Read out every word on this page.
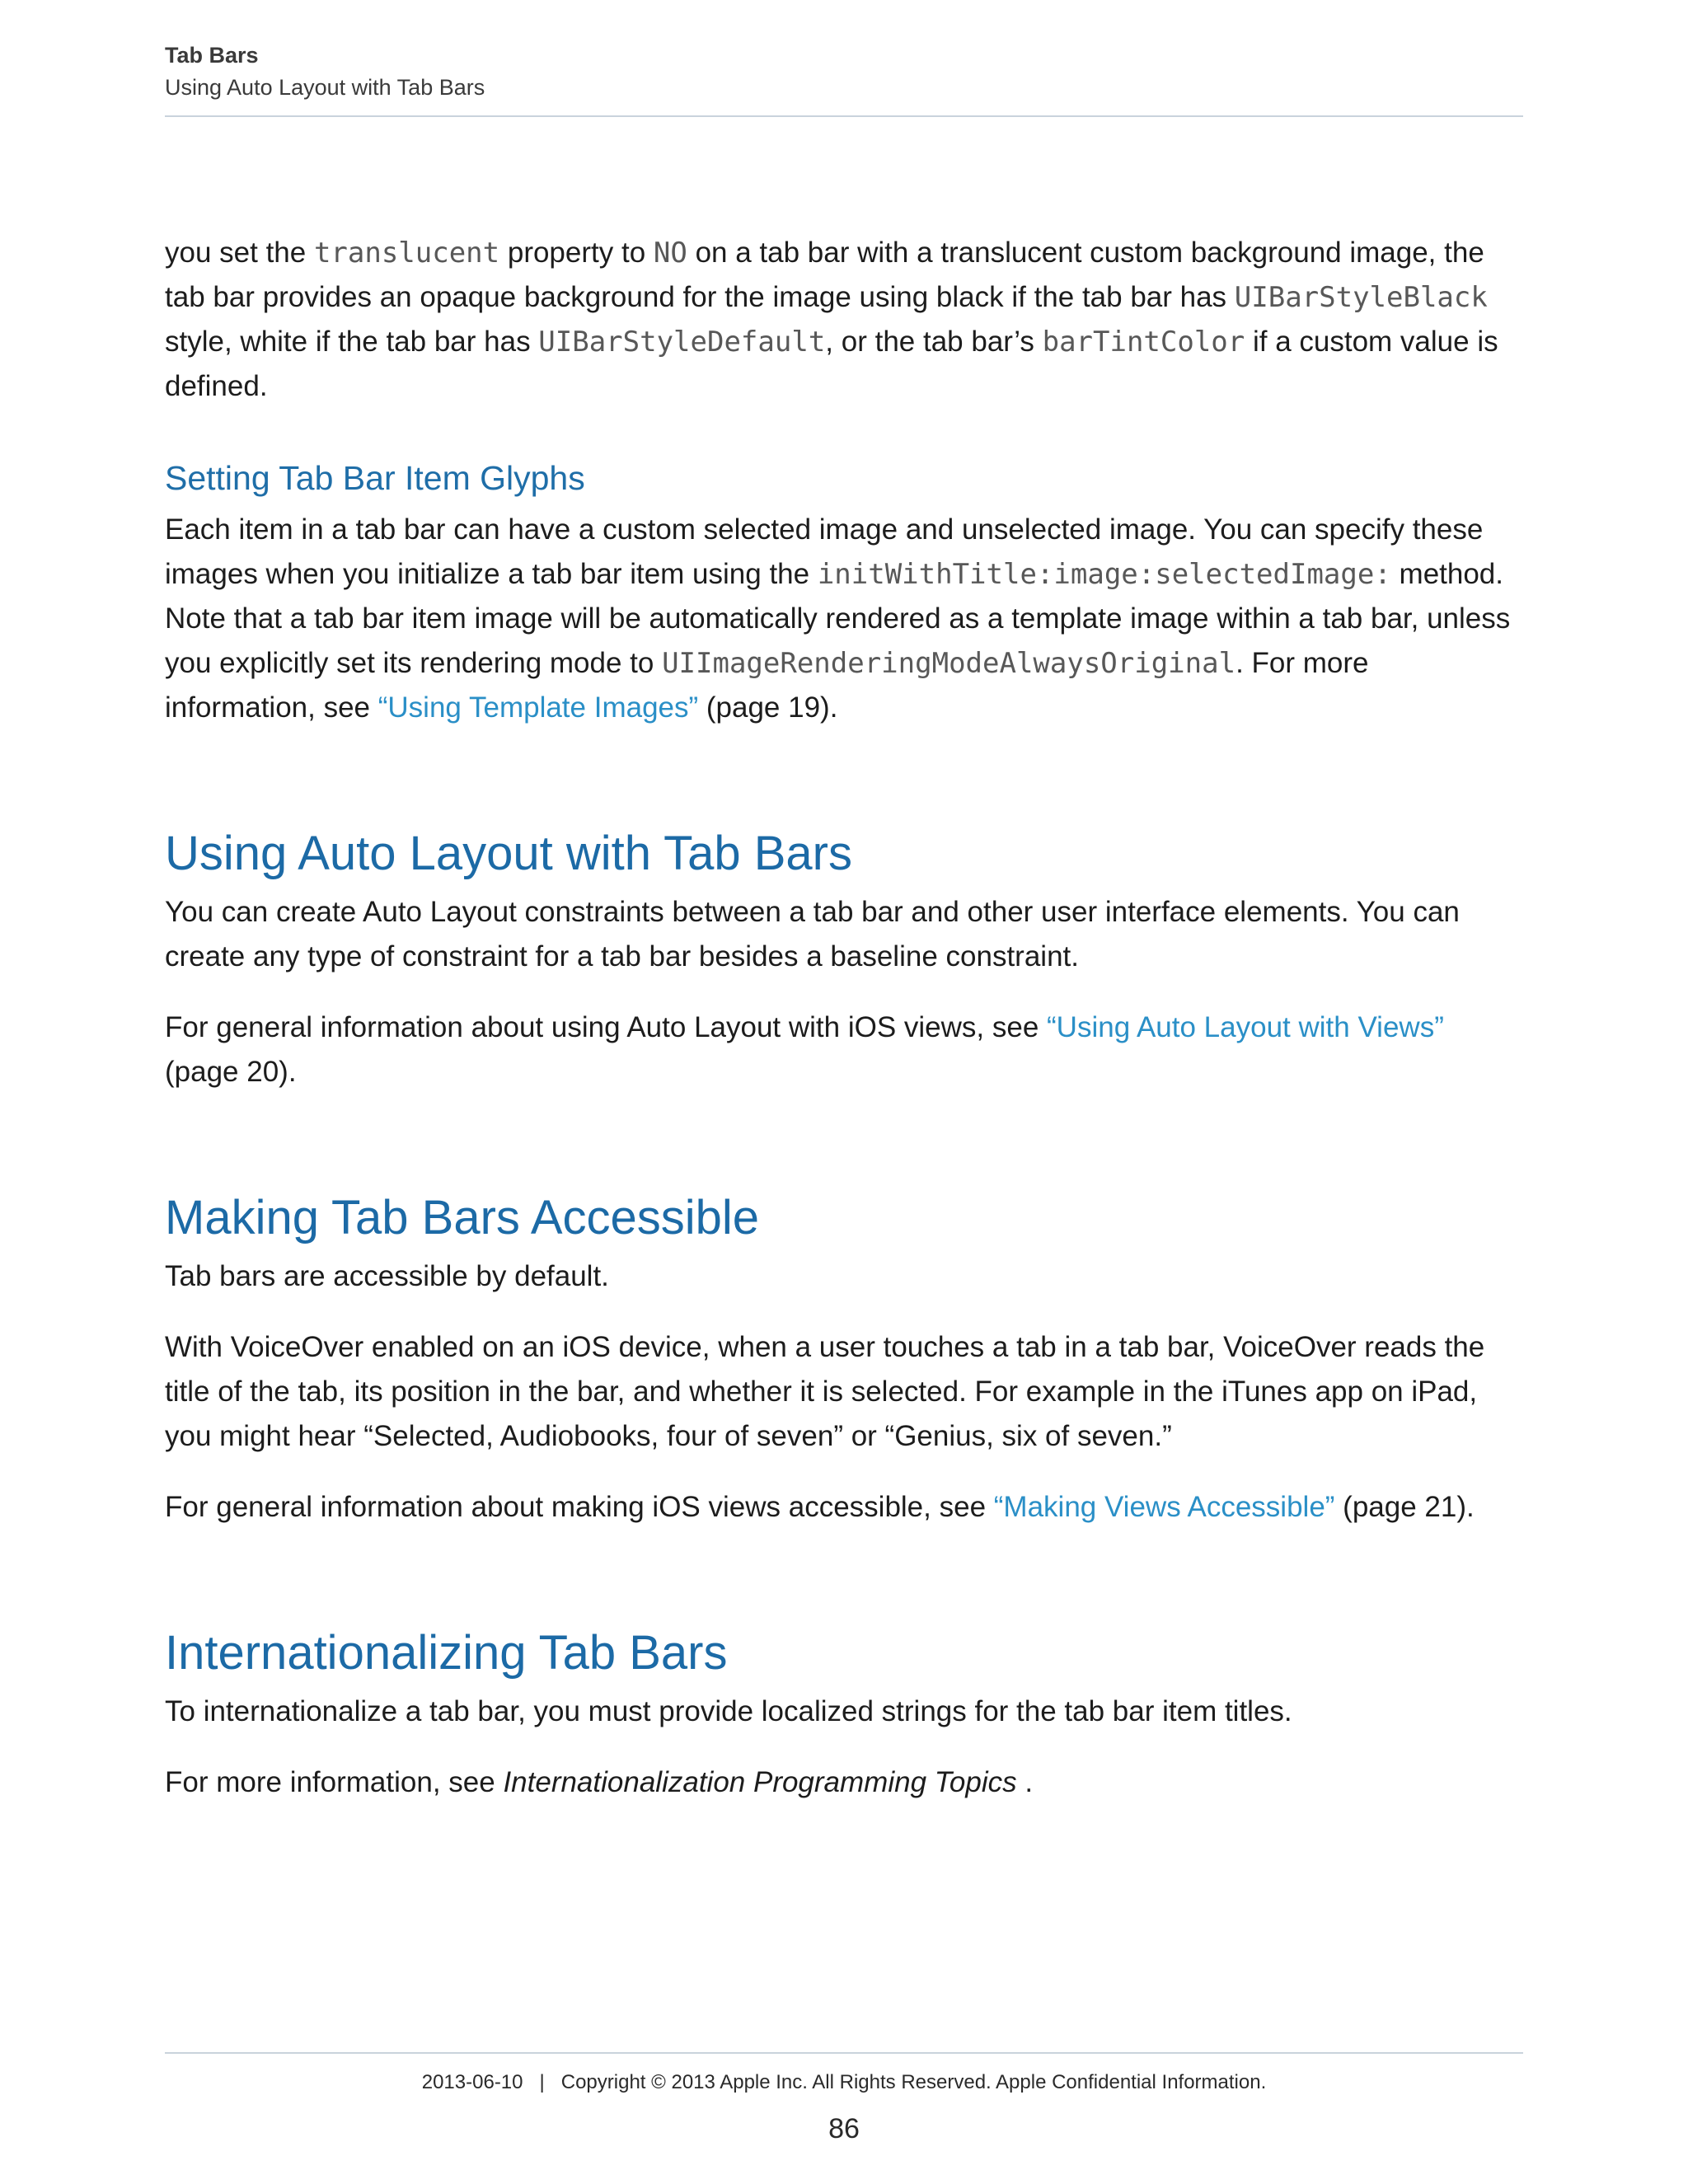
Tab Bars
Using Auto Layout with Tab Bars

you set the translucent property to NO on a tab bar with a translucent custom background image, the tab bar provides an opaque background for the image using black if the tab bar has UIBarStyleBlack style, white if the tab bar has UIBarStyleDefault, or the tab bar’s barTintColor if a custom value is defined.

Setting Tab Bar Item Glyphs

Each item in a tab bar can have a custom selected image and unselected image. You can specify these images when you initialize a tab bar item using the initWithTitle:image:selectedImage: method. Note that a tab bar item image will be automatically rendered as a template image within a tab bar, unless you explicitly set its rendering mode to UIImageRenderingModeAlwaysOriginal. For more information, see “Using Template Images” (page 19).

Using Auto Layout with Tab Bars

You can create Auto Layout constraints between a tab bar and other user interface elements. You can create any type of constraint for a tab bar besides a baseline constraint.

For general information about using Auto Layout with iOS views, see “Using Auto Layout with Views” (page 20).

Making Tab Bars Accessible

Tab bars are accessible by default.

With VoiceOver enabled on an iOS device, when a user touches a tab in a tab bar, VoiceOver reads the title of the tab, its position in the bar, and whether it is selected. For example in the iTunes app on iPad, you might hear “Selected, Audiobooks, four of seven” or “Genius, six of seven.”

For general information about making iOS views accessible, see “Making Views Accessible” (page 21).

Internationalizing Tab Bars

To internationalize a tab bar, you must provide localized strings for the tab bar item titles.

For more information, see Internationalization Programming Topics .

2013-06-10   |   Copyright © 2013 Apple Inc. All Rights Reserved. Apple Confidential Information.
86
